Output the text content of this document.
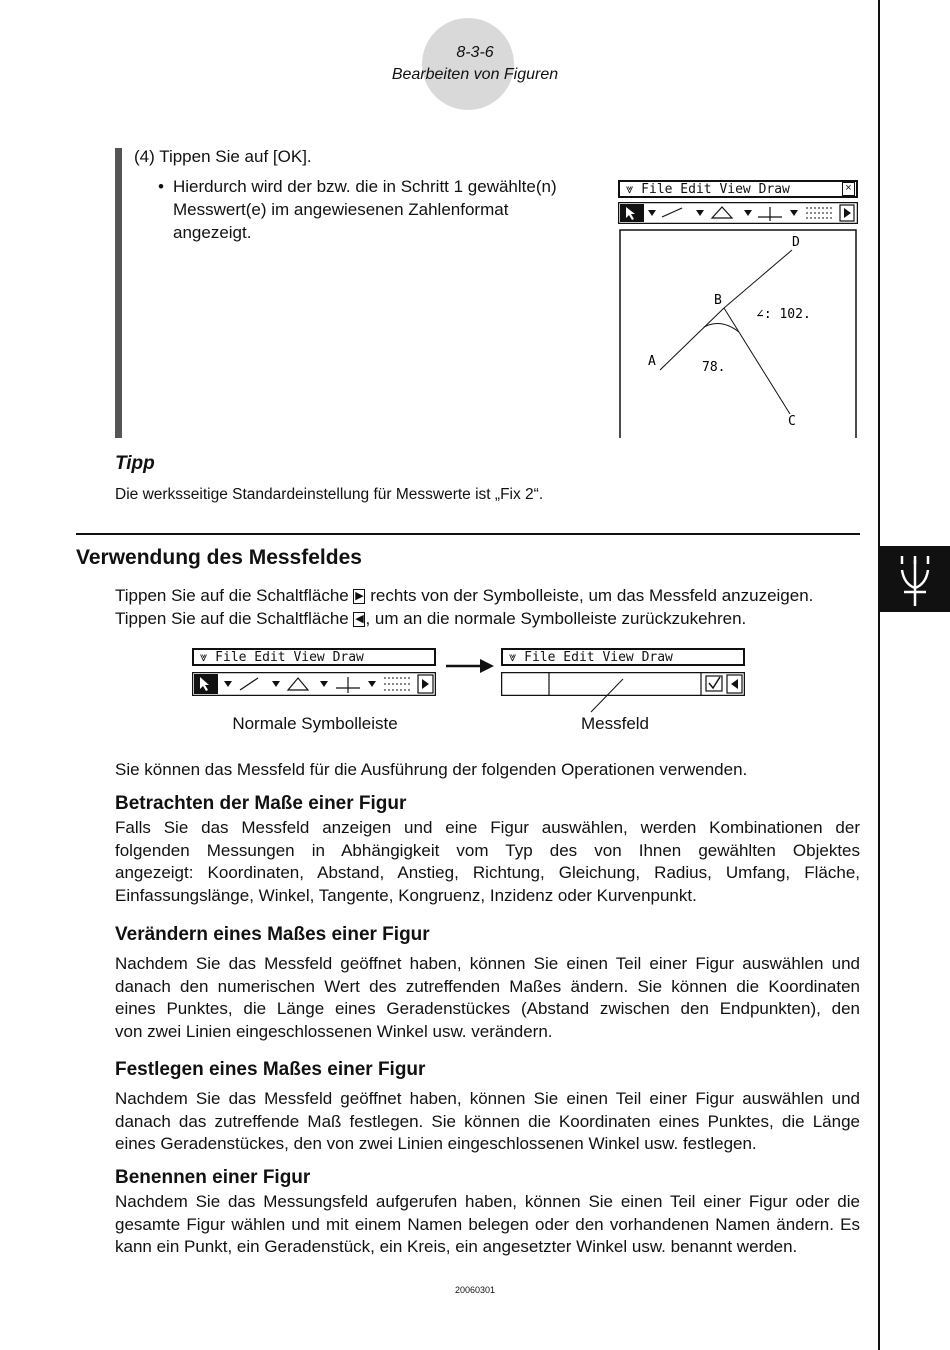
8-3-6
Bearbeiten von Figuren
(4) Tippen Sie auf [OK].
• Hierdurch wird der bzw. die in Schritt 1 gewählte(n)
Messwert(e) im angewiesenen Zahlenformat
angezeigt.
⩔ File Edit View Draw	×
A
B
C
D
∠: 102.
78.
Tipp
Die werksseitige Standardeinstellung für Messwerte ist „Fix 2“.
Verwendung des Messfeldes
Tippen Sie auf die Schaltfläche ▶ rechts von der Symbolleiste, um das Messfeld anzuzeigen.
Tippen Sie auf die Schaltfläche ◀ , um an die normale Symbolleiste zurückzukehren.
⩔ File Edit View Draw	⩔ File Edit View Draw
Normale Symbolleiste	Messfeld
Sie können das Messfeld für die Ausführung der folgenden Operationen verwenden.
Betrachten der Maße einer Figur
Falls Sie das Messfeld anzeigen und eine Figur auswählen, werden Kombinationen der
folgenden Messungen in Abhängigkeit vom Typ des von Ihnen gewählten Objektes
angezeigt: Koordinaten, Abstand, Anstieg, Richtung, Gleichung, Radius, Umfang, Fläche,
Einfassungslänge, Winkel, Tangente, Kongruenz, Inzidenz oder Kurvenpunkt.
Verändern eines Maßes einer Figur
Nachdem Sie das Messfeld geöffnet haben, können Sie einen Teil einer Figur auswählen und
danach den numerischen Wert des zutreffenden Maßes ändern. Sie können die Koordinaten
eines Punktes, die Länge eines Geradenstückes (Abstand zwischen den Endpunkten), den
von zwei Linien eingeschlossenen Winkel usw. verändern.
Festlegen eines Maßes einer Figur
Nachdem Sie das Messfeld geöffnet haben, können Sie einen Teil einer Figur auswählen und
danach das zutreffende Maß festlegen. Sie können die Koordinaten eines Punktes, die Länge
eines Geradenstückes, den von zwei Linien eingeschlossenen Winkel usw. festlegen.
Benennen einer Figur
Nachdem Sie das Messungsfeld aufgerufen haben, können Sie einen Teil einer Figur oder die
gesamte Figur wählen und mit einem Namen belegen oder den vorhandenen Namen ändern. Es
kann ein Punkt, ein Geradenstück, ein Kreis, ein angesetzter Winkel usw. benannt werden.
20060301
